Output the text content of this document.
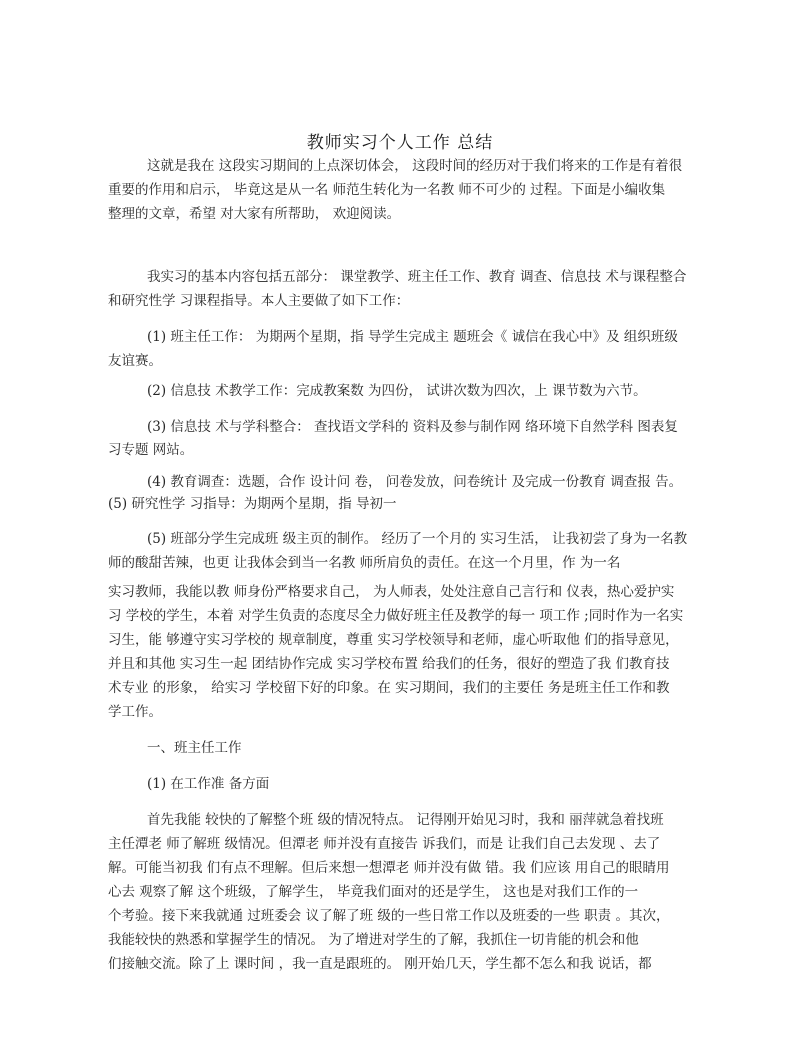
教师实习个人工作 总结
这就是我在 这段实习期间的上点深切体会， 这段时间的经历对于我们将来的工作是有着很
重要的作用和启示， 毕竟这是从一名 师范生转化为一名教 师不可少的 过程。下面是小编收集
整理的文章，希望 对大家有所帮助， 欢迎阅读。
我实习的基本内容包括五部分： 课堂教学、班主任工作、教育 调查、信息技 术与课程整合
和研究性学 习课程指导。本人主要做了如下工作：
(1) 班主任工作： 为期两个星期，指 导学生完成主 题班会《 诚信在我心中》及 组织班级
友谊赛。
(2) 信息技 术教学工作：完成教案数 为四份， 试讲次数为四次，上 课节数为六节。
(3) 信息技 术与学科整合： 查找语文学科的 资料及参与制作网 络环境下自然学科 图表复
习专题 网站。
(4) 教育调查：选题，合作 设计问 卷， 问卷发放，问卷统计 及完成一份教育 调查报 告。
(5) 研究性学 习指导：为期两个星期，指 导初一
(5) 班部分学生完成班 级主页的制作。 经历了一个月的 实习生活， 让我初尝了身为一名教
师的酸甜苦辣，也更 让我体会到当一名教 师所肩负的责任。在这一个月里，作 为一名
实习教师，我能以教 师身份严格要求自己， 为人师表，处处注意自己言行和 仪表，热心爱护实
习 学校的学生，本着 对学生负责的态度尽全力做好班主任及教学的每一 项工作 ;同时作为一名实
习生，能 够遵守实习学校的 规章制度，尊重 实习学校领导和老师，虚心听取他 们的指导意见，
并且和其他 实习生一起 团结协作完成 实习学校布置 给我们的任务，很好的塑造了我 们教育技
术专业 的形象， 给实习 学校留下好的印象。在 实习期间，我们的主要任 务是班主任工作和教
学工作。
一、班主任工作
(1) 在工作准 备方面
首先我能 较快的了解整个班 级的情况特点。 记得刚开始见习时，我和 丽萍就急着找班
主任潭老 师了解班 级情况。但潭老 师并没有直接告 诉我们，而是 让我们自己去发现 、去了
解。可能当初我 们有点不理解。但后来想一想潭老 师并没有做 错。我 们应该 用自己的眼睛用
心去 观察了解 这个班级，了解学生， 毕竟我们面对的还是学生， 这也是对我们工作的一
个考验。接下来我就通 过班委会 议了解了班 级的一些日常工作以及班委的一些 职责 。其次，
我能较快的熟悉和掌握学生的情况。 为了增进对学生的了解，我抓住一切肯能的机会和他
们接触交流。除了上 课时间 ，我一直是跟班的。 刚开始几天，学生都不怎么和我 说话，都
